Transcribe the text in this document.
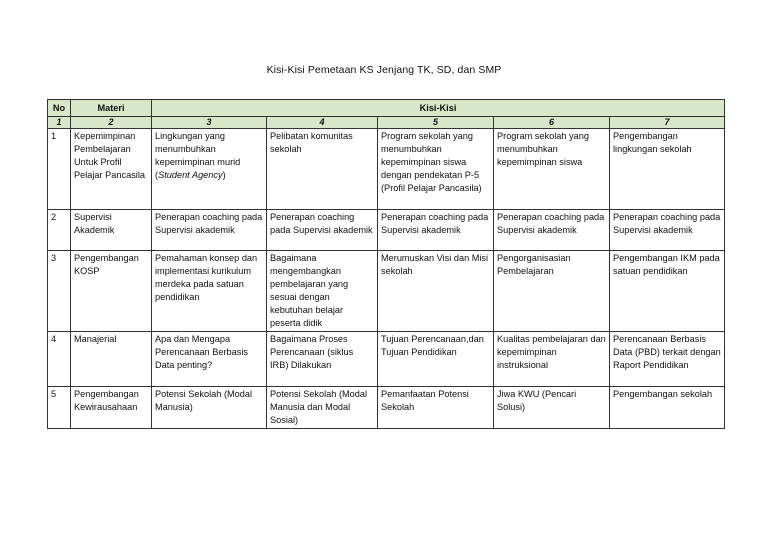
Kisi-Kisi Pemetaan KS Jenjang TK, SD, dan SMP
No	Materi	Kisi-Kisi				
1	2	3	4	5	6	7
1	Kepemimpinan Pembelajaran Untuk Profil Pelajar Pancasila	Lingkungan yang menumbuhkan kepemimpinan murid (Student Agency)	Pelibatan komunitas sekolah	Program sekolah yang menumbuhkan kepemimpinan siswa dengan pendekatan P-5 (Profil Pelajar Pancasila)	Program sekolah yang menumbuhkan kepemimpinan siswa	Pengembangan lingkungan sekolah
2	Supervisi Akademik	Penerapan coaching pada Supervisi akademik	Penerapan coaching pada Supervisi akademik	Penerapan coaching pada Supervisi akademik	Penerapan coaching pada Supervisi akademik	Penerapan coaching pada Supervisi akademik
3	Pengembangan KOSP	Pemahaman konsep dan implementasi kurikulum merdeka pada satuan pendidikan	Bagaimana mengembangkan pembelajaran yang sesuai dengan kebutuhan belajar peserta didik	Merumuskan Visi dan Misi sekolah	Pengorganisasian Pembelajaran	Pengembangan IKM pada satuan pendidikan
4	Manajerial	Apa dan Mengapa Perencanaan Berbasis Data penting?	Bagaimana Proses Perencanaan (siklus IRB) Dilakukan	Tujuan Perencanaan,dan Tujuan Pendidikan	Kualitas pembelajaran dan kepemimpinan instruksional	Perencanaan Berbasis Data (PBD) terkait dengan Raport Pendidikan
5	Pengembangan Kewirausahaan	Potensi Sekolah (Modal Manusia)	Potensi Sekolah (Modal Manusia dan Modal Sosial)	Pemanfaatan Potensi Sekolah	Jiwa KWU (Pencari Solusi)	Pengembangan sekolah
